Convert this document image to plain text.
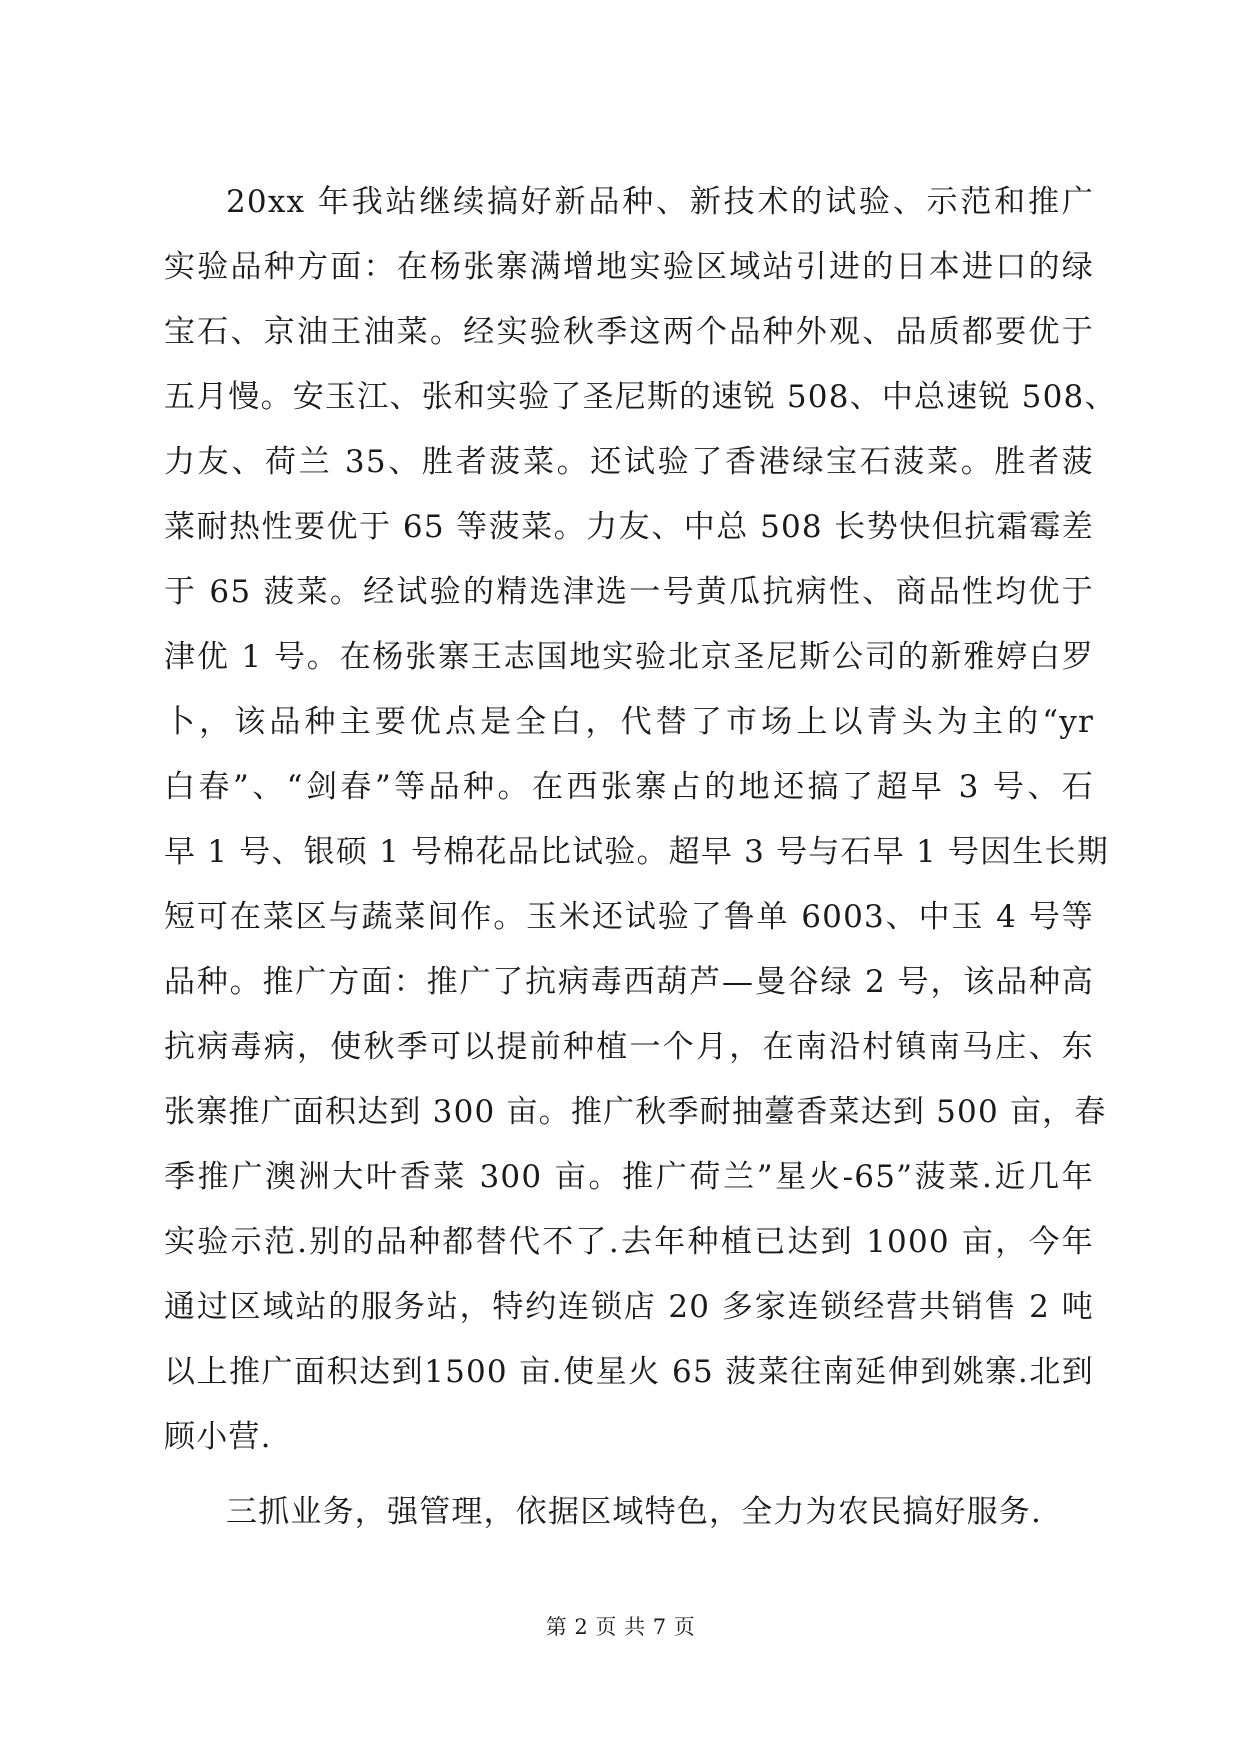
20xx 年我站继续搞好新品种、新技术的试验、示范和推广
实验品种方面：在杨张寨满增地实验区域站引进的日本进口的绿
宝石、京油王油菜。经实验秋季这两个品种外观、品质都要优于
五月慢。安玉江、张和实验了圣尼斯的速锐 508、中总速锐 508、
力友、荷兰 35、胜者菠菜。还试验了香港绿宝石菠菜。胜者菠
菜耐热性要优于 65 等菠菜。力友、中总 508 长势快但抗霜霉差
于 65 菠菜。经试验的精选津选一号黄瓜抗病性、商品性均优于
津优 1 号。在杨张寨王志国地实验北京圣尼斯公司的新雅婷白罗
卜，该品种主要优点是全白，代替了市场上以青头为主的“yr
白春”、“剑春”等品种。在西张寨占的地还搞了超早 3 号、石
早 1 号、银硕 1 号棉花品比试验。超早 3 号与石早 1 号因生长期
短可在菜区与蔬菜间作。玉米还试验了鲁单 6003、中玉 4 号等
品种。推广方面：推广了抗病毒西葫芦—曼谷绿 2 号，该品种高
抗病毒病，使秋季可以提前种植一个月，在南沿村镇南马庄、东
张寨推广面积达到 300 亩。推广秋季耐抽薹香菜达到 500 亩，春
季推广澳洲大叶香菜 300 亩。推广荷兰”星火-65”菠菜.近几年
实验示范.别的品种都替代不了.去年种植已达到 1000 亩，今年
通过区域站的服务站，特约连锁店 20 多家连锁经营共销售 2 吨
以上推广面积达到1500 亩.使星火 65 菠菜往南延伸到姚寨.北到
顾小营.
三抓业务，强管理，依据区域特色，全力为农民搞好服务.
第 2 页 共 7 页
